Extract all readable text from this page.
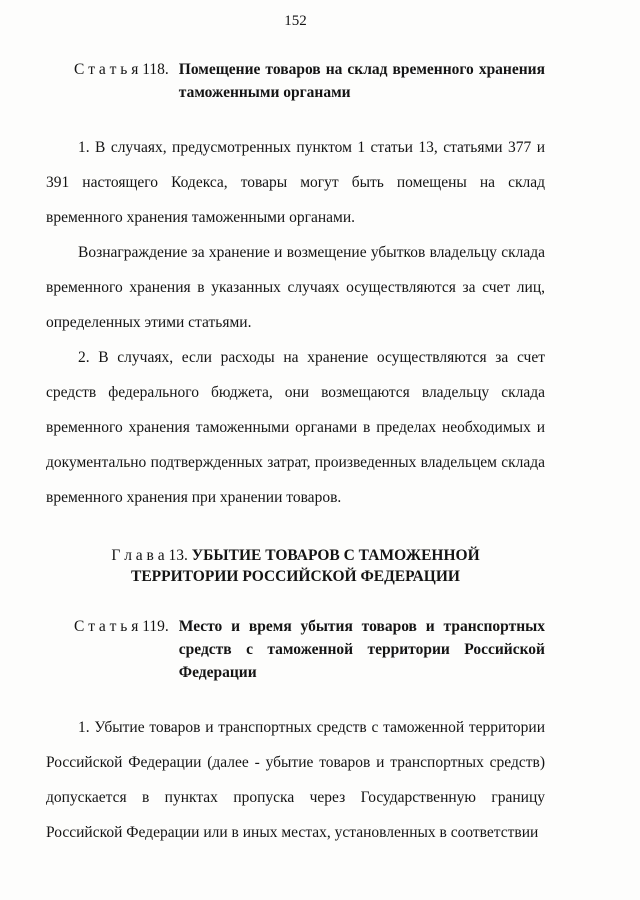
152
С т а т ь я 118. Помещение товаров на склад временного хранения таможенными органами

1. В случаях, предусмотренных пунктом 1 статьи 13, статьями 377 и 391 настоящего Кодекса, товары могут быть помещены на склад временного хранения таможенными органами.

Вознаграждение за хранение и возмещение убытков владельцу склада временного хранения в указанных случаях осуществляются за счет лиц, определенных этими статьями.

2. В случаях, если расходы на хранение осуществляются за счет средств федерального бюджета, они возмещаются владельцу склада временного хранения таможенными органами в пределах необходимых и документально подтвержденных затрат, произведенных владельцем склада временного хранения при хранении товаров.

Г л а в а 13. УБЫТИЕ ТОВАРОВ С ТАМОЖЕННОЙ ТЕРРИТОРИИ РОССИЙСКОЙ ФЕДЕРАЦИИ
С т а т ь я 119. Место и время убытия товаров и транспортных средств с таможенной территории Российской Федерации

1. Убытие товаров и транспортных средств с таможенной территории Российской Федерации (далее - убытие товаров и транспортных средств) допускается в пунктах пропуска через Государственную границу Российской Федерации или в иных местах, установленных в соответствии
